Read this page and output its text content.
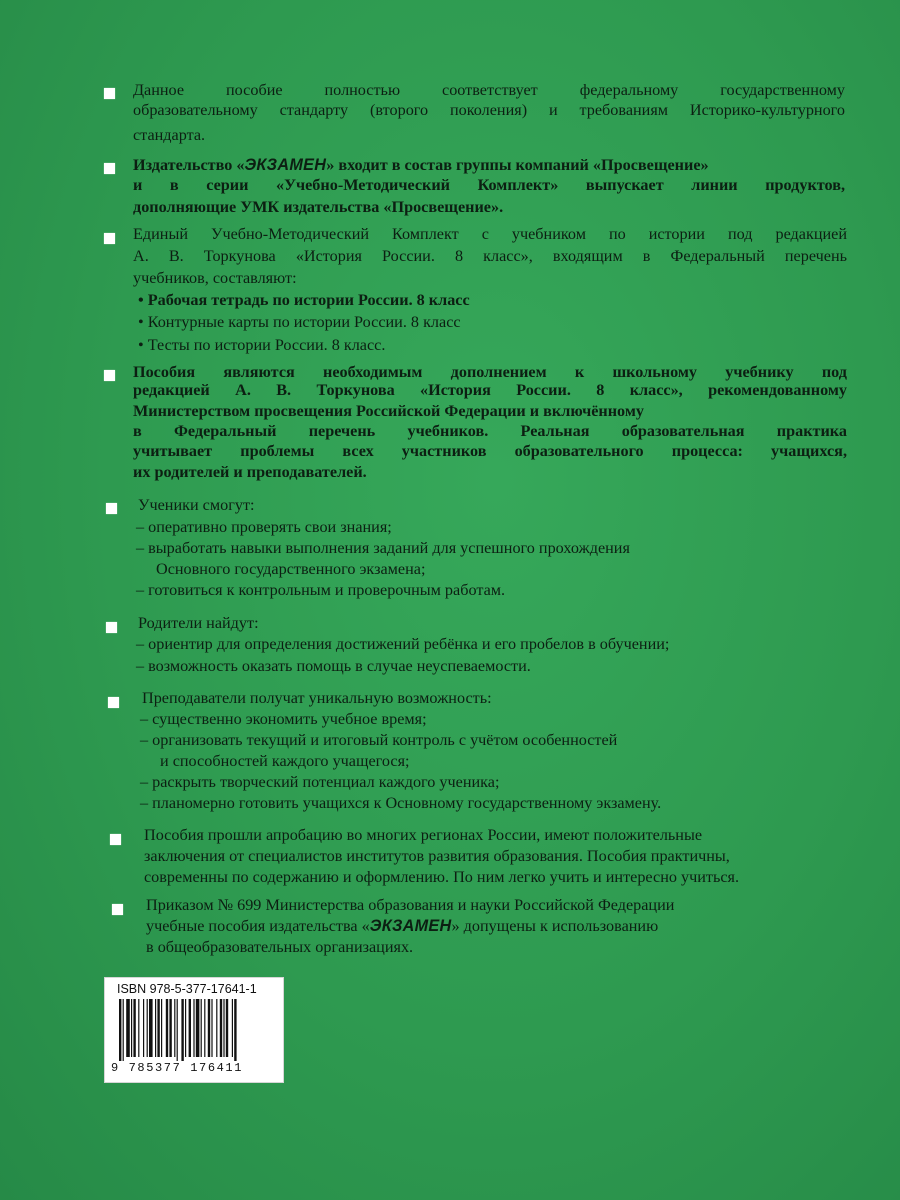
Данное пособие полностью соответствует федеральному государственному
образовательному стандарту (второго поколения) и требованиям Историко-культурного
стандарта.
Издательство «ЭКЗАМЕН» входит в состав группы компаний «Просвещение»
и в серии «Учебно-Методический Комплект» выпускает линии продуктов,
дополняющие УМК издательства «Просвещение».
Единый Учебно-Методический Комплект с учебником по истории под редакцией
А. В. Торкунова «История России. 8 класс», входящим в Федеральный перечень
учебников, составляют:
• Рабочая тетрадь по истории России. 8 класс
• Контурные карты по истории России. 8 класс
• Тесты по истории России. 8 класс.
Пособия являются необходимым дополнением к школьному учебнику под
редакцией А. В. Торкунова «История России. 8 класс», рекомендованному
Министерством просвещения Российской Федерации и включённому
в Федеральный перечень учебников. Реальная образовательная практика
учитывает проблемы всех участников образовательного процесса: учащихся,
их родителей и преподавателей.
Ученики смогут:
– оперативно проверять свои знания;
– выработать навыки выполнения заданий для успешного прохождения
Основного государственного экзамена;
– готовиться к контрольным и проверочным работам.
Родители найдут:
– ориентир для определения достижений ребёнка и его пробелов в обучении;
– возможность оказать помощь в случае неуспеваемости.
Преподаватели получат уникальную возможность:
– существенно экономить учебное время;
– организовать текущий и итоговый контроль с учётом особенностей
и способностей каждого учащегося;
– раскрыть творческий потенциал каждого ученика;
– планомерно готовить учащихся к Основному государственному экзамену.
Пособия прошли апробацию во многих регионах России, имеют положительные
заключения от специалистов институтов развития образования. Пособия практичны,
современны по содержанию и оформлению. По ним легко учить и интересно учиться.
Приказом № 699 Министерства образования и науки Российской Федерации
учебные пособия издательства «ЭКЗАМЕН» допущены к использованию
в общеобразовательных организациях.
ISBN 978-5-377-17641-1
9 785377 176411
